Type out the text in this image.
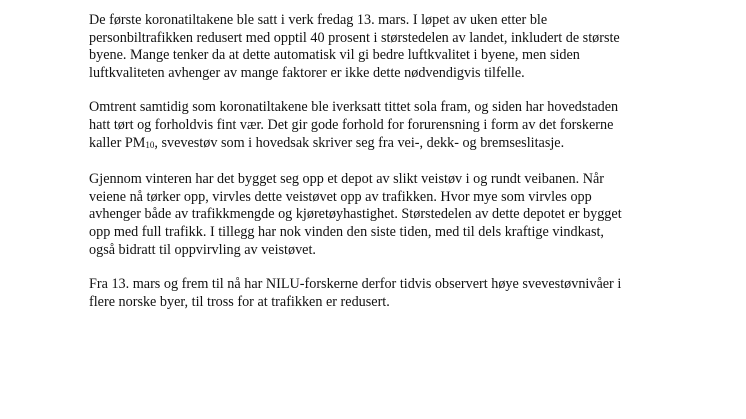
De første koronatiltakene ble satt i verk fredag 13. mars. I løpet av uken etter ble
personbiltrafikken redusert med opptil 40 prosent i størstedelen av landet, inkludert de største
byene. Mange tenker da at dette automatisk vil gi bedre luftkvalitet i byene, men siden
luftkvaliteten avhenger av mange faktorer er ikke dette nødvendigvis tilfelle.

Omtrent samtidig som koronatiltakene ble iverksatt tittet sola fram, og siden har hovedstaden
hatt tørt og forholdvis fint vær. Det gir gode forhold for forurensning i form av det forskerne
kaller PM10, svevestøv som i hovedsak skriver seg fra vei-, dekk- og bremseslitasje.

Gjennom vinteren har det bygget seg opp et depot av slikt veistøv i og rundt veibanen. Når
veiene nå tørker opp, virvles dette veistøvet opp av trafikken. Hvor mye som virvles opp
avhenger både av trafikkmengde og kjøretøyhastighet. Størstedelen av dette depotet er bygget
opp med full trafikk. I tillegg har nok vinden den siste tiden, med til dels kraftige vindkast,
også bidratt til oppvirvling av veistøvet.

Fra 13. mars og frem til nå har NILU-forskerne derfor tidvis observert høye svevestøvnivåer i
flere norske byer, til tross for at trafikken er redusert.
